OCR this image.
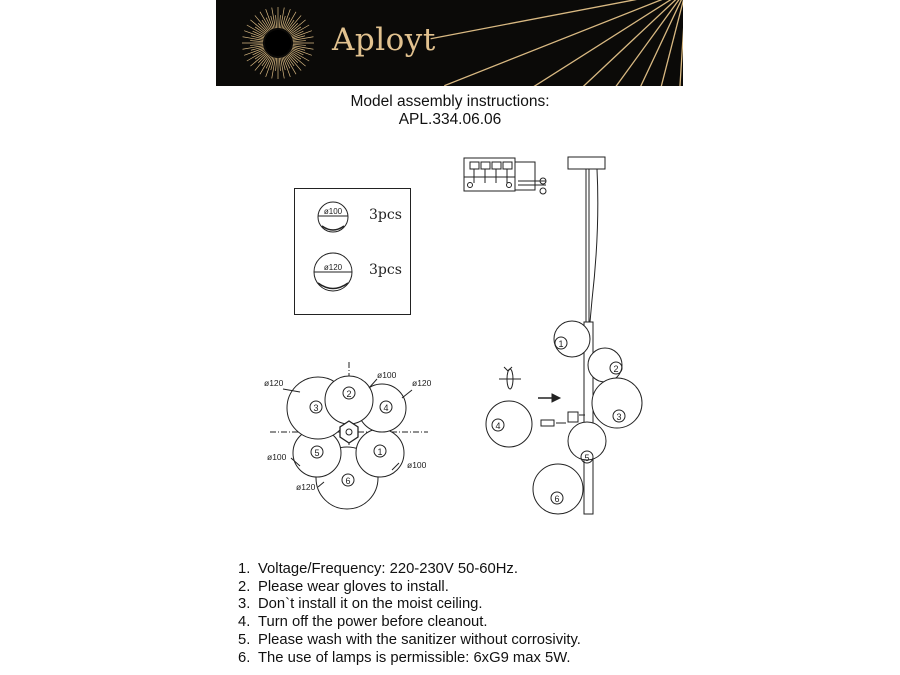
Aployt
Model assembly instructions:
APL.334.06.06
3pcs
3pcs
ø100
ø120
1
2
3
5
6
4
2
3	4
1
5
6
ø120
ø100
ø120
ø100
ø100
ø120
1. Voltage/Frequency: 220-230V 50-60Hz.
2. Please wear gloves to install.
3. Don`t install it on the moist ceiling.
4. Turn off the power before cleanout.
5. Please wash with the sanitizer without corrosivity.
6. The use of lamps is permissible: 6xG9 max 5W.
